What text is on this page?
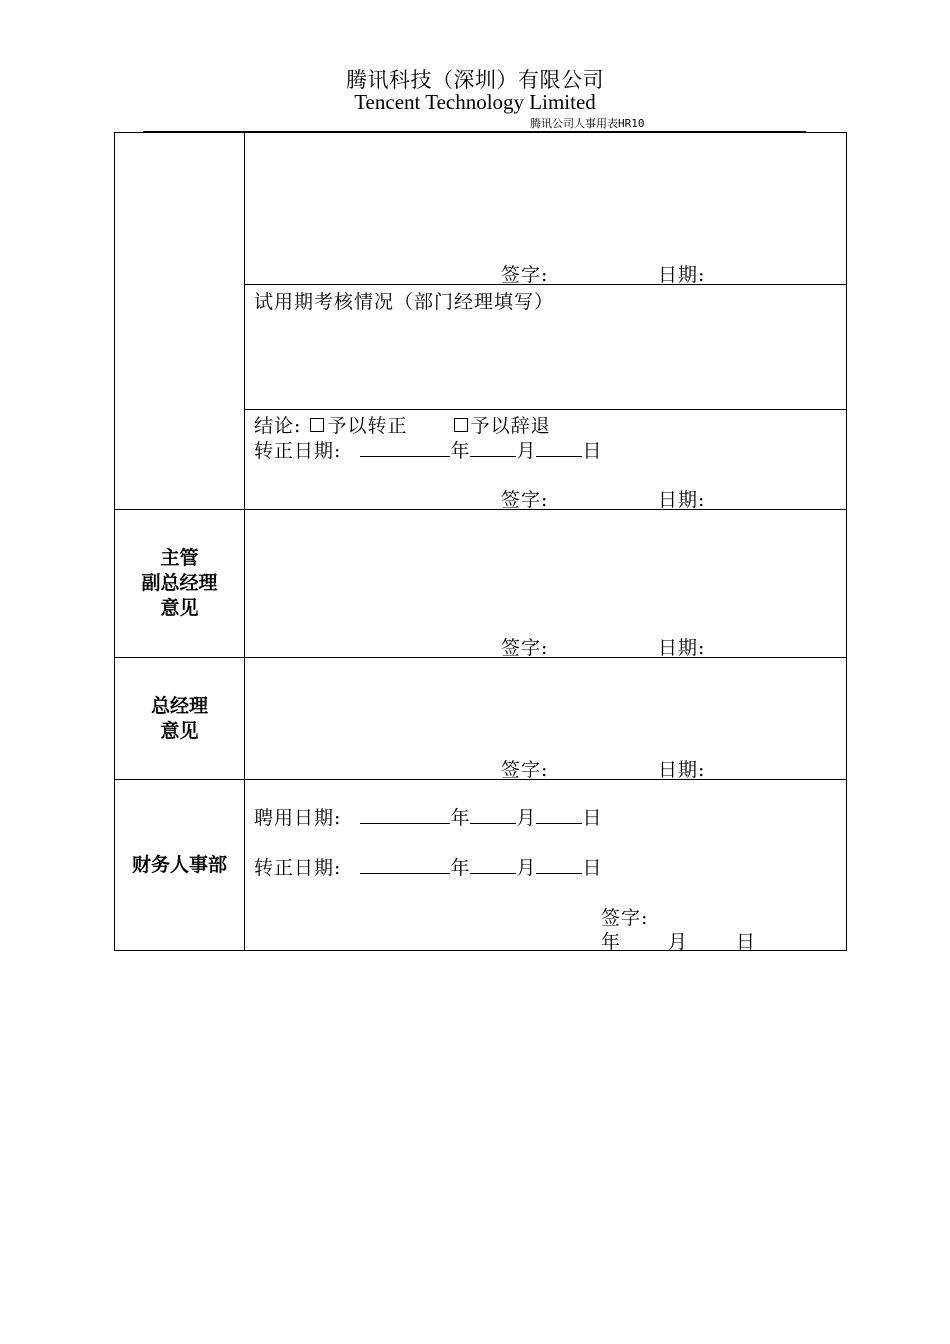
腾讯科技（深圳）有限公司
Tencent Technology Limited
腾讯公司人事用表HR10
签字:	日期:
试用期考核情况（部门经理填写）
结论: 予以转正	予以辞退
转正日期:	年 月 日
签字:	日期:
主管
副总经理
意见
签字:	日期:
总经理
意见
签字:	日期:
财务人事部
聘用日期:	年 月 日
转正日期:	年 月 日
签字:
年 月	日
